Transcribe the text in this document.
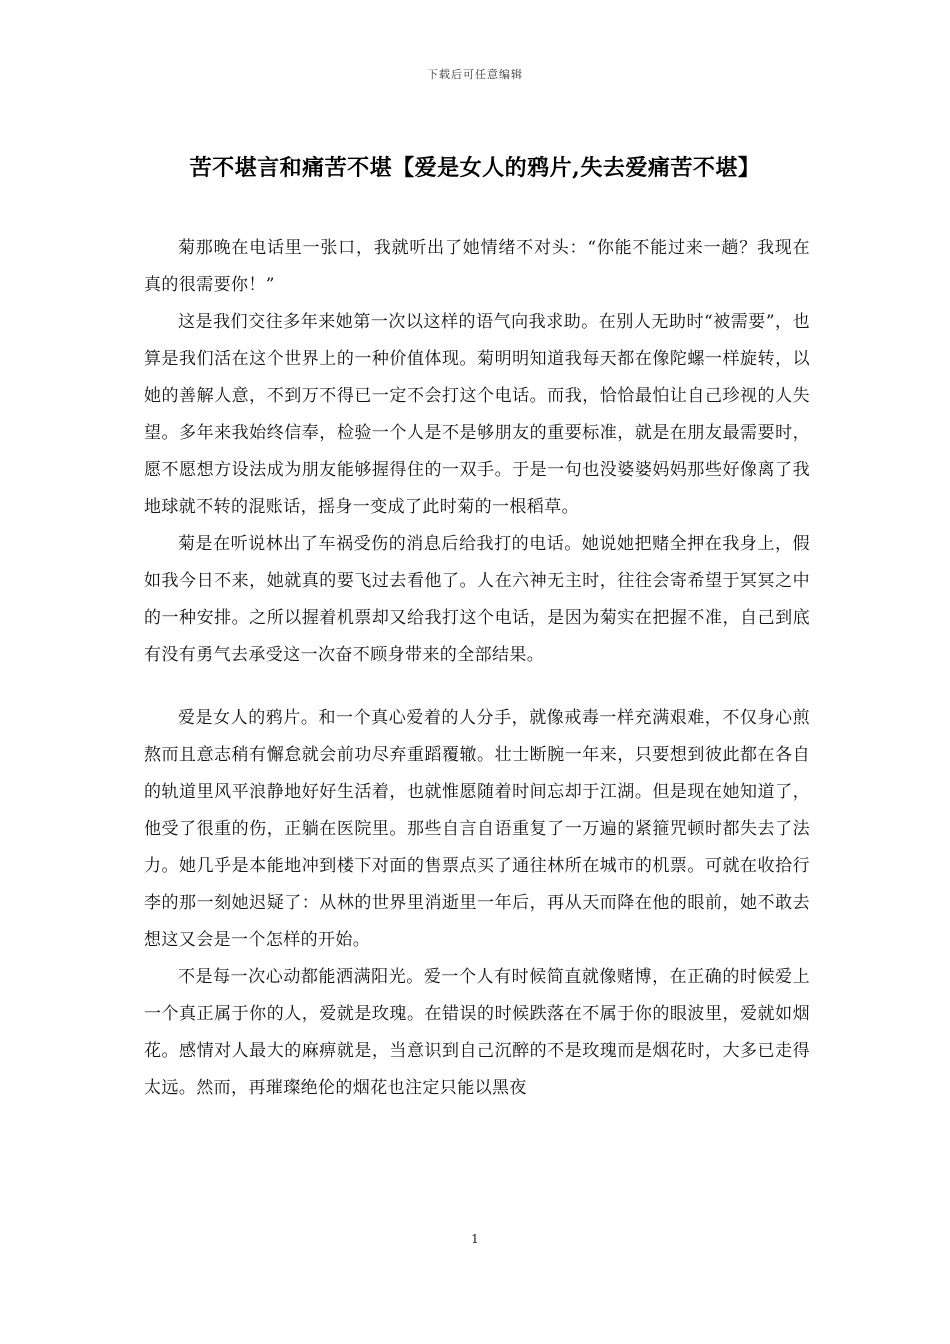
下载后可任意编辑
苦不堪言和痛苦不堪【爱是女人的鸦片,失去爱痛苦不堪】

菊那晚在电话里一张口，我就听出了她情绪不对头：“你能不能过来一趟？我现在真的很需要你！”

这是我们交往多年来她第一次以这样的语气向我求助。在别人无助时“被需要”，也算是我们活在这个世界上的一种价值体现。菊明明知道我每天都在像陀螺一样旋转，以她的善解人意，不到万不得已一定不会打这个电话。而我，恰恰最怕让自己珍视的人失望。多年来我始终信奉，检验一个人是不是够朋友的重要标准，就是在朋友最需要时，愿不愿想方设法成为朋友能够握得住的一双手。于是一句也没婆婆妈妈那些好像离了我地球就不转的混账话，摇身一变成了此时菊的一根稻草。

菊是在听说林出了车祸受伤的消息后给我打的电话。她说她把赌全押在我身上，假如我今日不来，她就真的要飞过去看他了。人在六神无主时，往往会寄希望于冥冥之中的一种安排。之所以握着机票却又给我打这个电话，是因为菊实在把握不准，自己到底有没有勇气去承受这一次奋不顾身带来的全部结果。

爱是女人的鸦片。和一个真心爱着的人分手，就像戒毒一样充满艰难，不仅身心煎熬而且意志稍有懈怠就会前功尽弃重蹈覆辙。壮士断腕一年来，只要想到彼此都在各自的轨道里风平浪静地好好生活着，也就惟愿随着时间忘却于江湖。但是现在她知道了，他受了很重的伤，正躺在医院里。那些自言自语重复了一万遍的紧箍咒顿时都失去了法力。她几乎是本能地冲到楼下对面的售票点买了通往林所在城市的机票。可就在收拾行李的那一刻她迟疑了：从林的世界里消逝里一年后，再从天而降在他的眼前，她不敢去想这又会是一个怎样的开始。

不是每一次心动都能洒满阳光。爱一个人有时候简直就像赌博，在正确的时候爱上一个真正属于你的人，爱就是玫瑰。在错误的时候跌落在不属于你的眼波里，爱就如烟花。感情对人最大的麻痹就是，当意识到自己沉醉的不是玫瑰而是烟花时，大多已走得太远。然而，再璀璨绝伦的烟花也注定只能以黑夜

1
